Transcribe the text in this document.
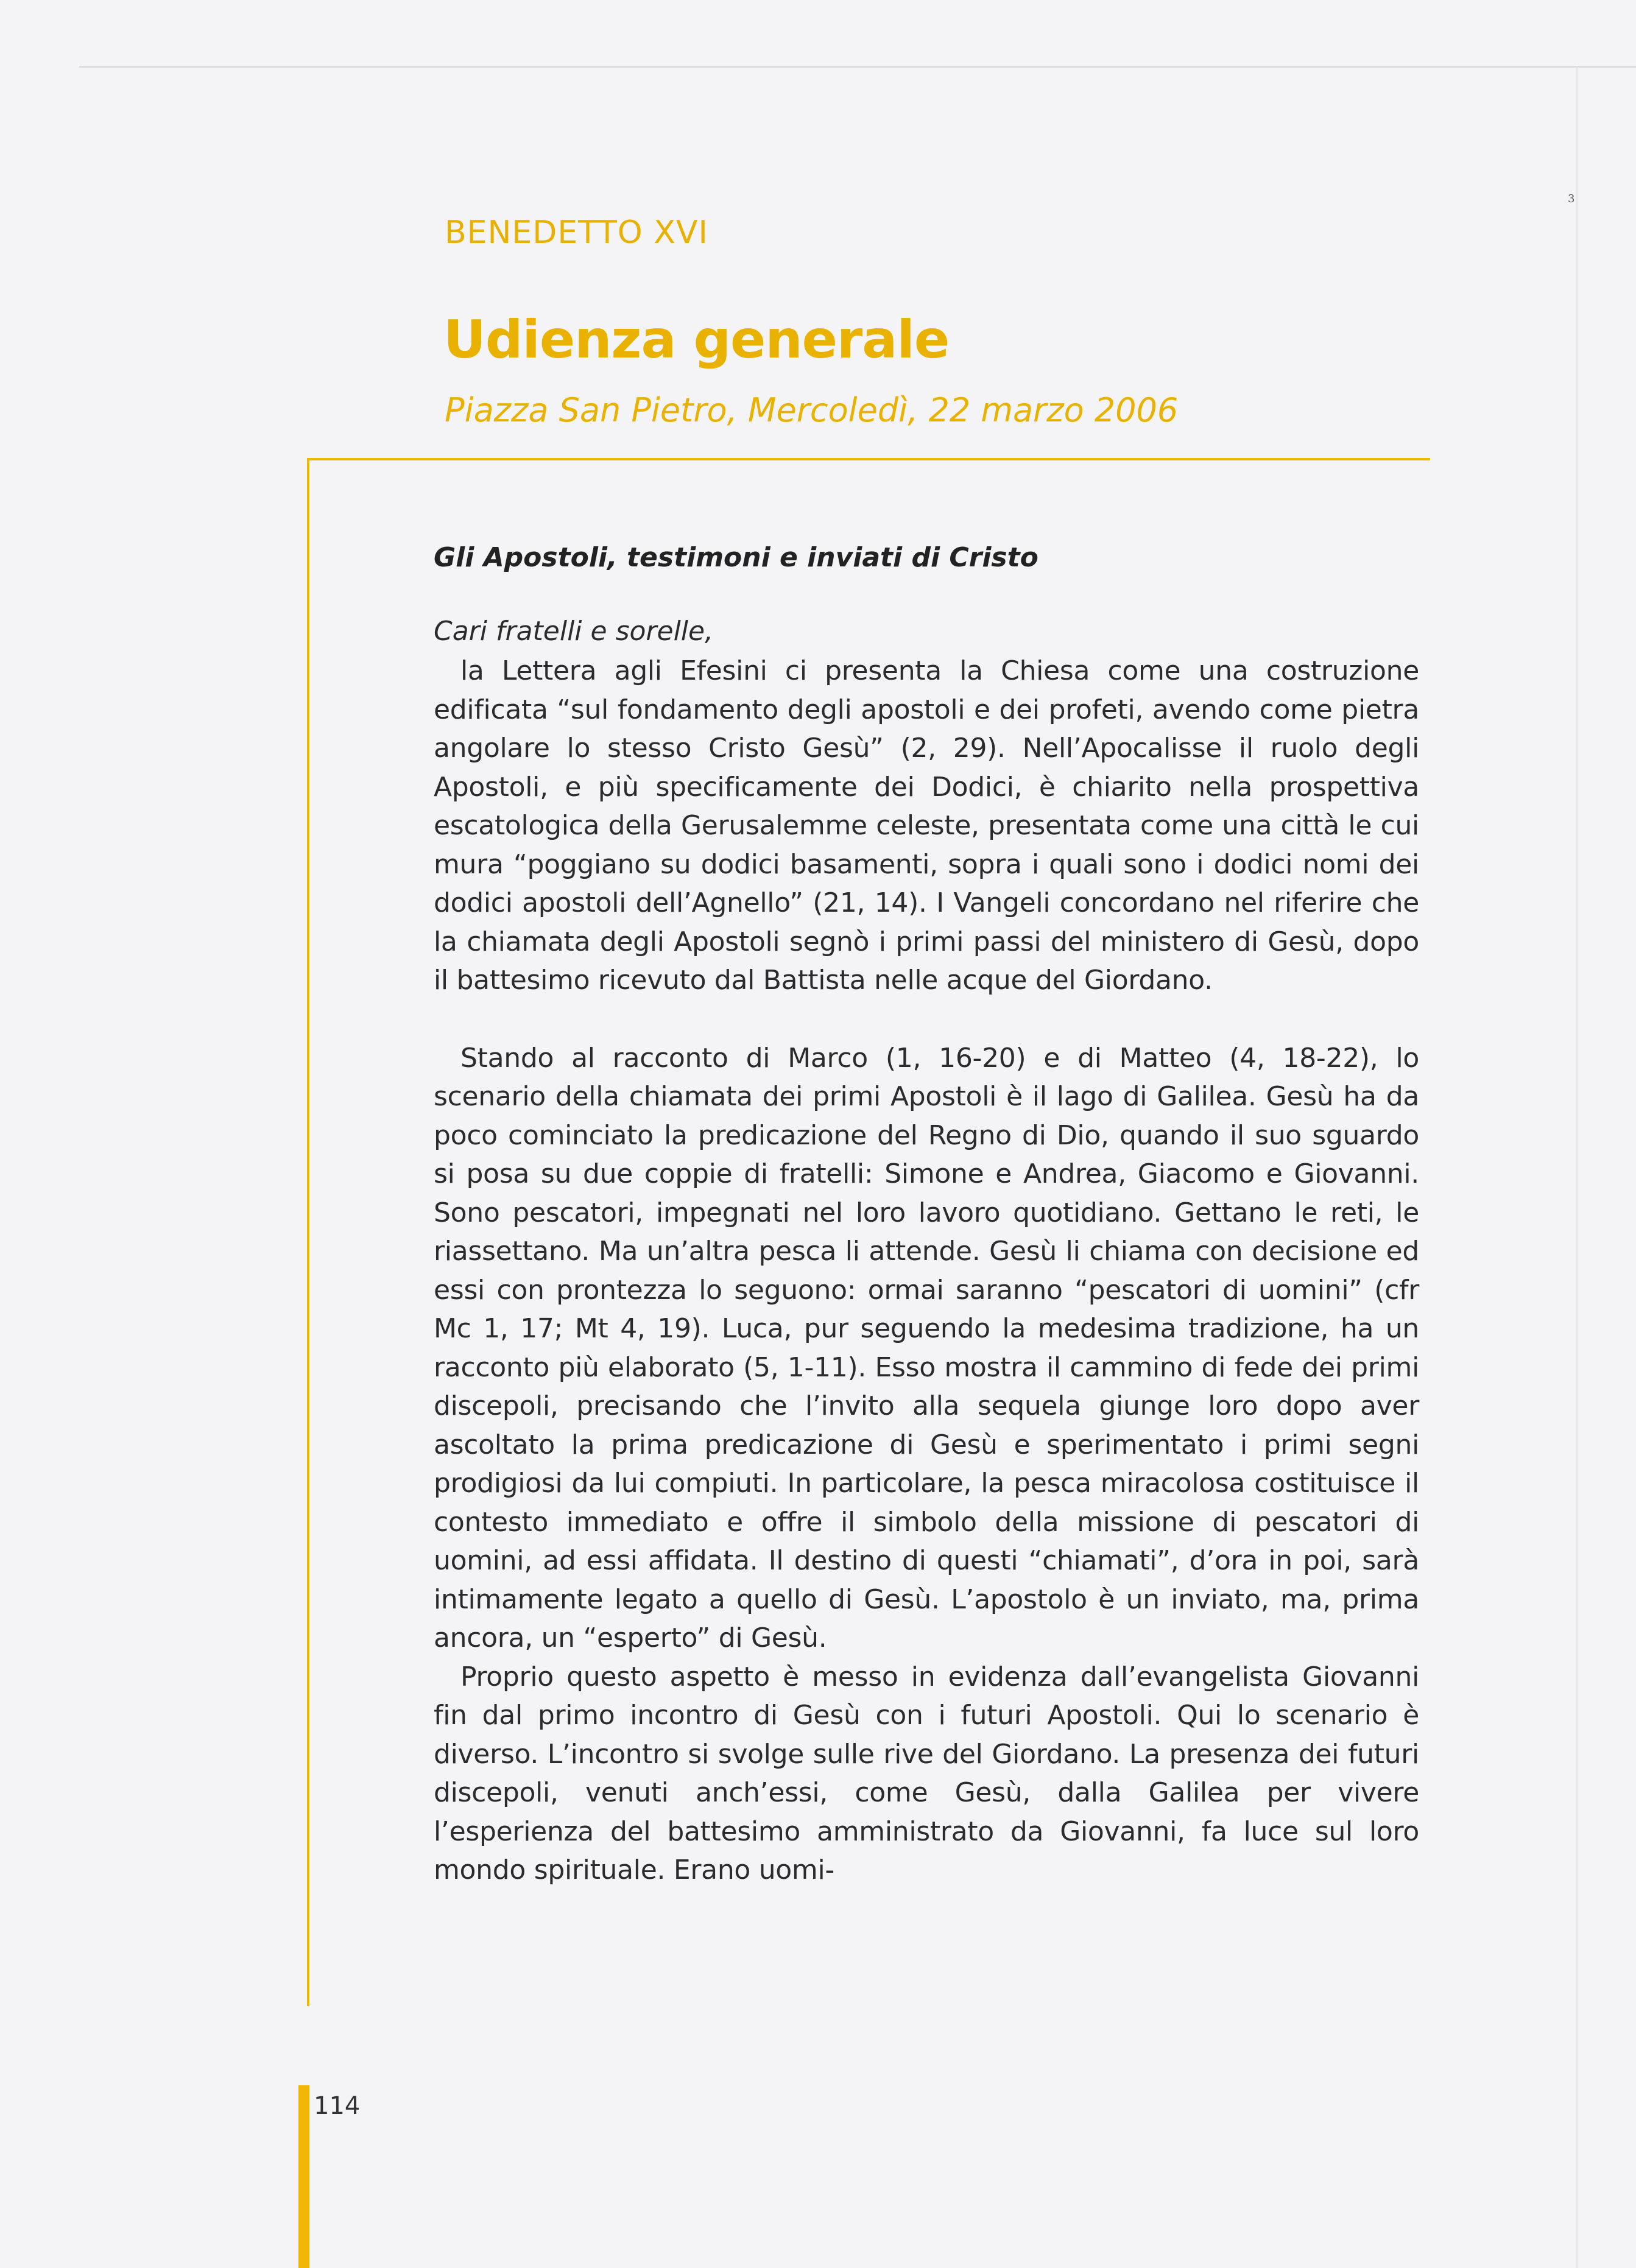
3
BENEDETTO XVI
Udienza generale
Piazza San Pietro, Mercoledì, 22 marzo 2006

Gli Apostoli, testimoni e inviati di Cristo

Cari fratelli e sorelle,

la Lettera agli Efesini ci presenta la Chiesa come una costruzione edificata “sul fondamento degli apostoli e dei profeti, avendo come pietra angolare lo stesso Cristo Gesù” (2, 29). Nell’Apocalisse il ruolo degli Apostoli, e più specificamente dei Dodici, è chiarito nella prospettiva escatologica della Gerusalemme celeste, presentata come una città le cui mura “poggiano su dodici basamenti, sopra i quali sono i dodici nomi dei dodici apostoli dell’Agnello” (21, 14). I Vangeli concordano nel riferire che la chiamata degli Apostoli segnò i primi passi del ministero di Gesù, dopo il battesimo ricevuto dal Battista nelle acque del Giordano.

Stando al racconto di Marco (1, 16-20) e di Matteo (4, 18-22), lo scenario della chiamata dei primi Apostoli è il lago di Galilea. Gesù ha da poco cominciato la predicazione del Regno di Dio, quando il suo sguardo si posa su due coppie di fratelli: Simone e Andrea, Giacomo e Giovanni. Sono pescatori, impegnati nel loro lavoro quotidiano. Gettano le reti, le riassettano. Ma un’altra pesca li attende. Gesù li chiama con decisione ed essi con prontezza lo seguono: ormai saranno “pescatori di uomini” (cfr Mc 1, 17; Mt 4, 19). Luca, pur seguendo la medesima tradizione, ha un racconto più elaborato (5, 1-11). Esso mostra il cammino di fede dei primi discepoli, precisando che l’invito alla sequela giunge loro dopo aver ascoltato la prima predicazione di Gesù e sperimentato i primi segni prodigiosi da lui compiuti. In particolare, la pesca miracolosa costituisce il contesto immediato e offre il simbolo della missione di pescatori di uomini, ad essi affidata. Il destino di questi “chiamati”, d’ora in poi, sarà intimamente legato a quello di Gesù. L’apostolo è un inviato, ma, prima ancora, un “esperto” di Gesù.

Proprio questo aspetto è messo in evidenza dall’evangelista Giovanni fin dal primo incontro di Gesù con i futuri Apostoli. Qui lo scenario è diverso. L’incontro si svolge sulle rive del Giordano. La presenza dei futuri discepoli, venuti anch’essi, come Gesù, dalla Galilea per vivere l’esperienza del battesimo amministrato da Giovanni, fa luce sul loro mondo spirituale. Erano uomi-

114
